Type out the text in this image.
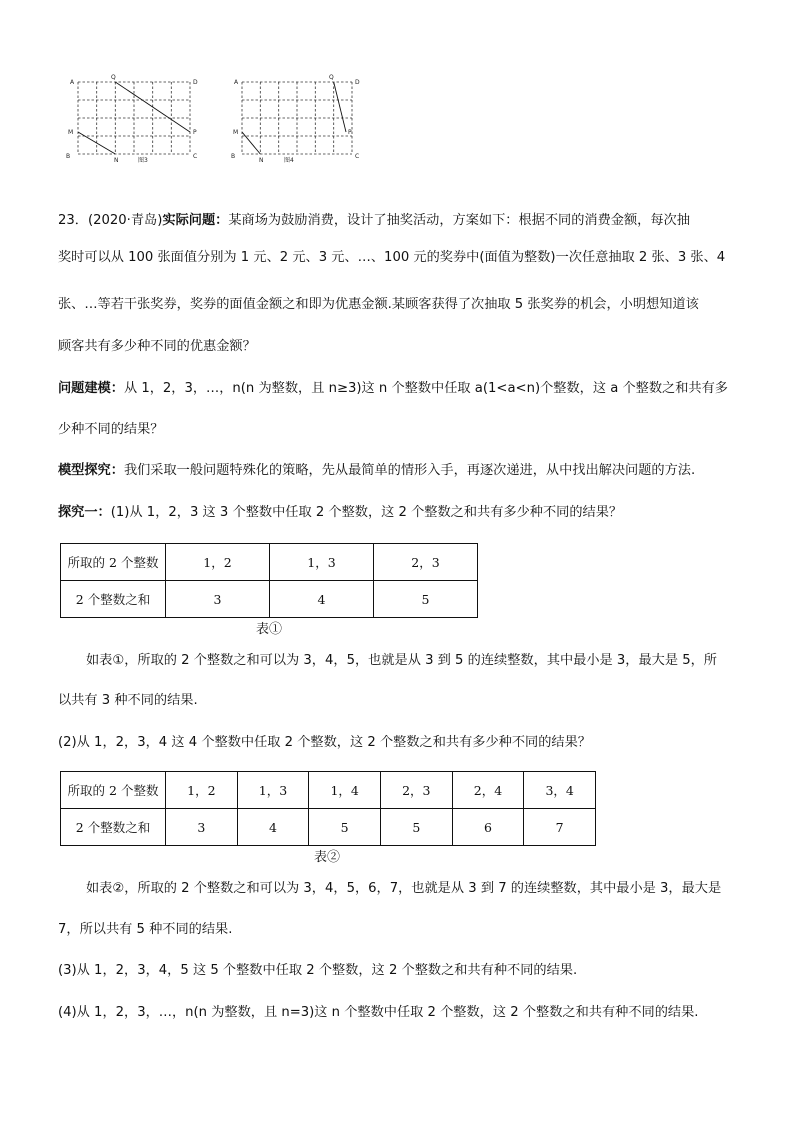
A
Q
D
M	P
B
N
C
图3
A
Q
D
M	P
B
N
C
图4
23．(2020·青岛)实际问题：某商场为鼓励消费，设计了抽奖活动，方案如下：根据不同的消费金额，每次抽
奖时可以从 100 张面值分别为 1 元、2 元、3 元、…、100 元的奖券中(面值为整数)一次任意抽取 2 张、3 张、4
张、…等若干张奖券，奖券的面值金额之和即为优惠金额.某顾客获得了次抽取 5 张奖券的机会，小明想知道该
顾客共有多少种不同的优惠金额？
问题建模：从 1，2，3，…，n(n 为整数，且 n≥3)这 n 个整数中任取 a(1<a<n)个整数，这 a 个整数之和共有多
少种不同的结果？
模型探究：我们采取一般问题特殊化的策略，先从最简单的情形入手，再逐次递进，从中找出解决问题的方法.
探究一：(1)从 1，2，3 这 3 个整数中任取 2 个整数，这 2 个整数之和共有多少种不同的结果？
所取的 2 个整数	1，2	1，3	2，3
2 个整数之和	3	4	5
表①
如表①，所取的 2 个整数之和可以为 3，4，5，也就是从 3 到 5 的连续整数，其中最小是 3，最大是 5，所
以共有 3 种不同的结果.
(2)从 1，2，3，4 这 4 个整数中任取 2 个整数，这 2 个整数之和共有多少种不同的结果？
所取的 2 个整数	1，2	1，3	1，4	2，3	2，4	3，4
2 个整数之和	3	4	5	5	6	7
表②
如表②，所取的 2 个整数之和可以为 3，4，5，6，7，也就是从 3 到 7 的连续整数，其中最小是 3，最大是
7，所以共有 5 种不同的结果.
(3)从 1，2，3，4，5 这 5 个整数中任取 2 个整数，这 2 个整数之和共有种不同的结果.
(4)从 1，2，3，…，n(n 为整数，且 n=3)这 n 个整数中任取 2 个整数，这 2 个整数之和共有种不同的结果.
